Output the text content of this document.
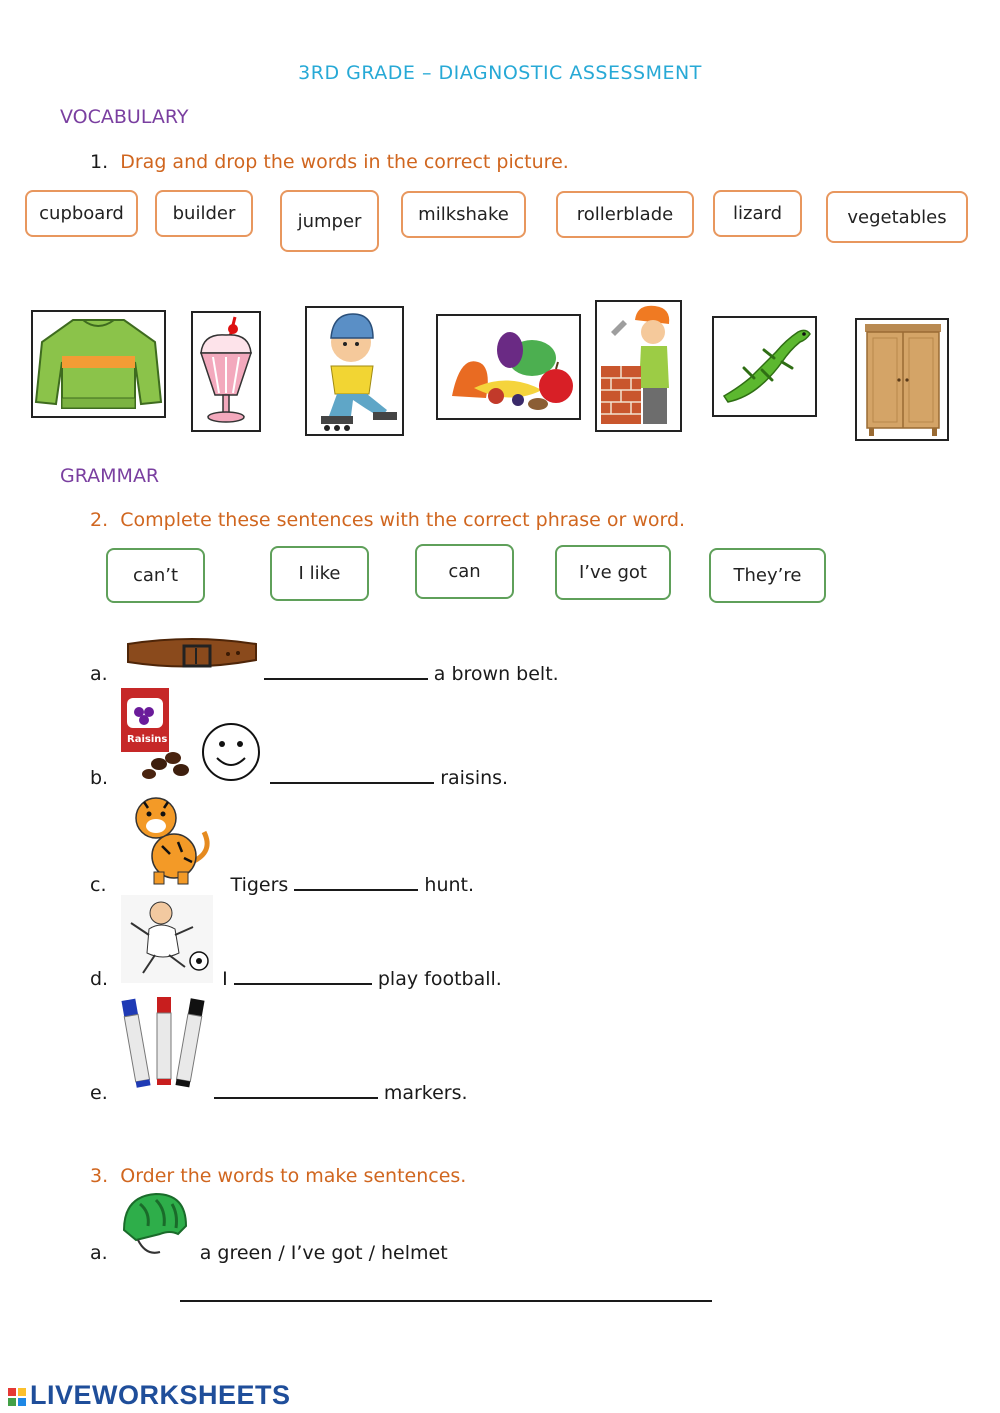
3RD GRADE – DIAGNOSTIC ASSESSMENT
VOCABULARY
1. Drag and drop the words in the correct picture.
cupboard	builder	jumper	milkshake	rollerblade	lizard	vegetables
GRAMMAR
2. Complete these sentences with the correct phrase or word.
can’t	I like	can	I’ve got	They’re
a.	a brown belt.
Raisins
b.	raisins.
c.	Tigers	hunt.
d.	I	play football.
e.	markers.
3. Order the words to make sentences.
a.	a green / I’ve got / helmet
LIVEWORKSHEETS
